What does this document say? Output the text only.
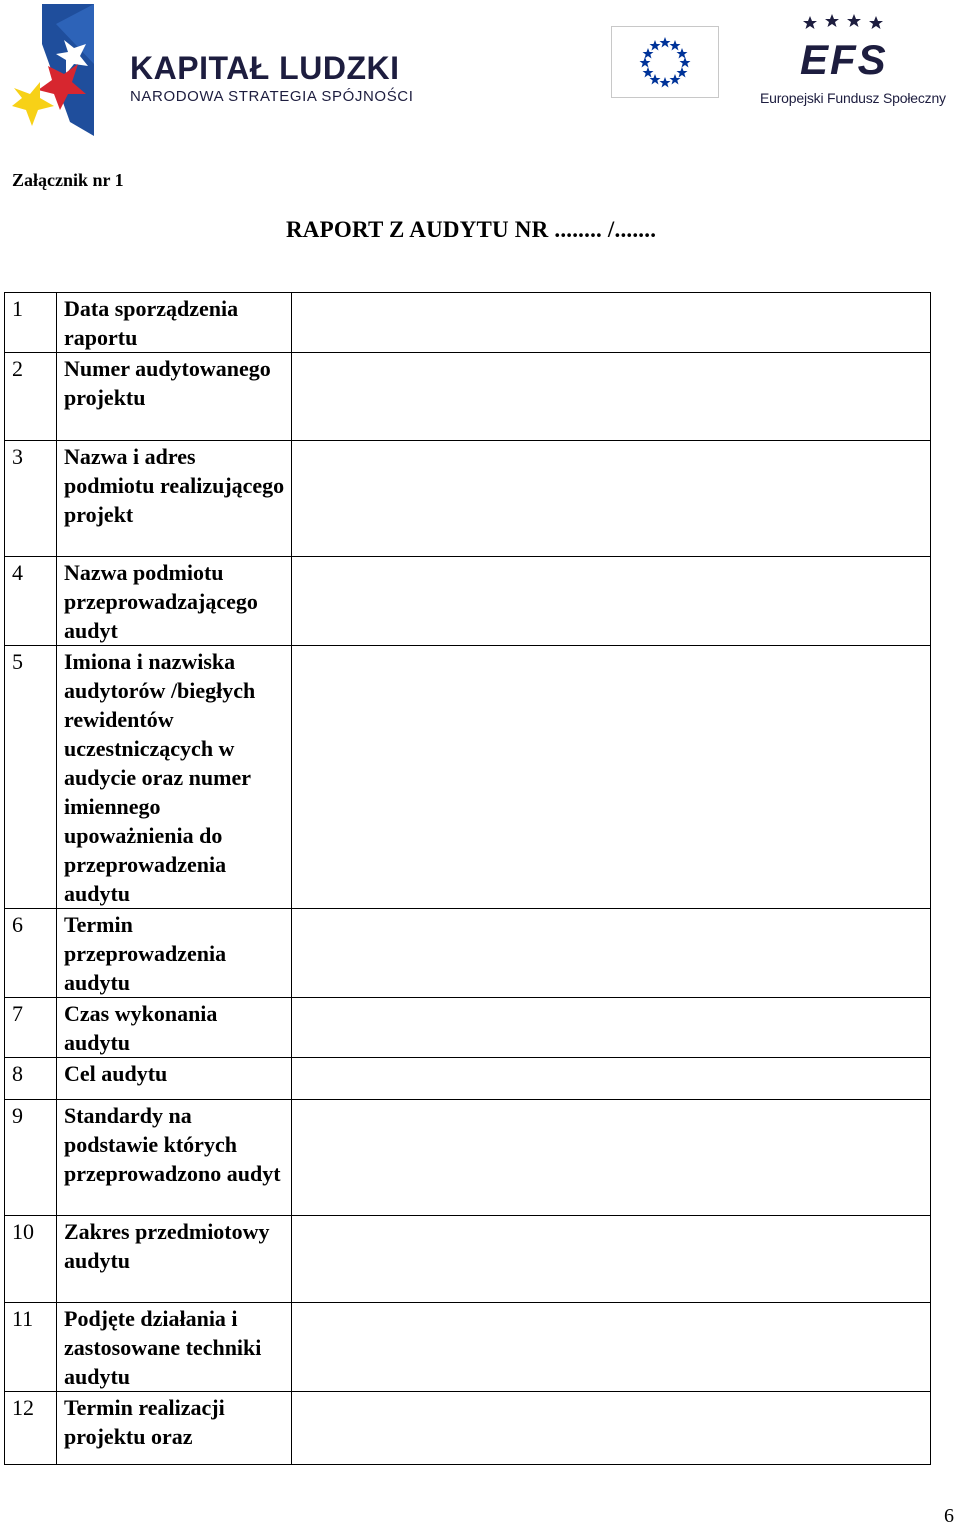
KAPITAŁ LUDZKI
NARODOWA STRATEGIA SPÓJNOŚCI
EFS
Europejski Fundusz Społeczny
Załącznik nr 1
RAPORT Z AUDYTU NR ........ /.......
1	Data sporządzenia raportu	
2	Numer audytowanego projektu	
3	Nazwa i adres podmiotu realizującego projekt	
4	Nazwa podmiotu przeprowadzającego audyt	
5	Imiona i nazwiska audytorów /biegłych rewidentów uczestniczących w audycie oraz numer imiennego upoważnienia do przeprowadzenia audytu	
6	Termin przeprowadzenia audytu	
7	Czas wykonania audytu	
8	Cel audytu	

9	Standardy na podstawie których przeprowadzono audyt	
10	Zakres przedmiotowy audytu	
11	Podjęte działania i zastosowane techniki audytu	
12	Termin realizacji projektu oraz	
6
